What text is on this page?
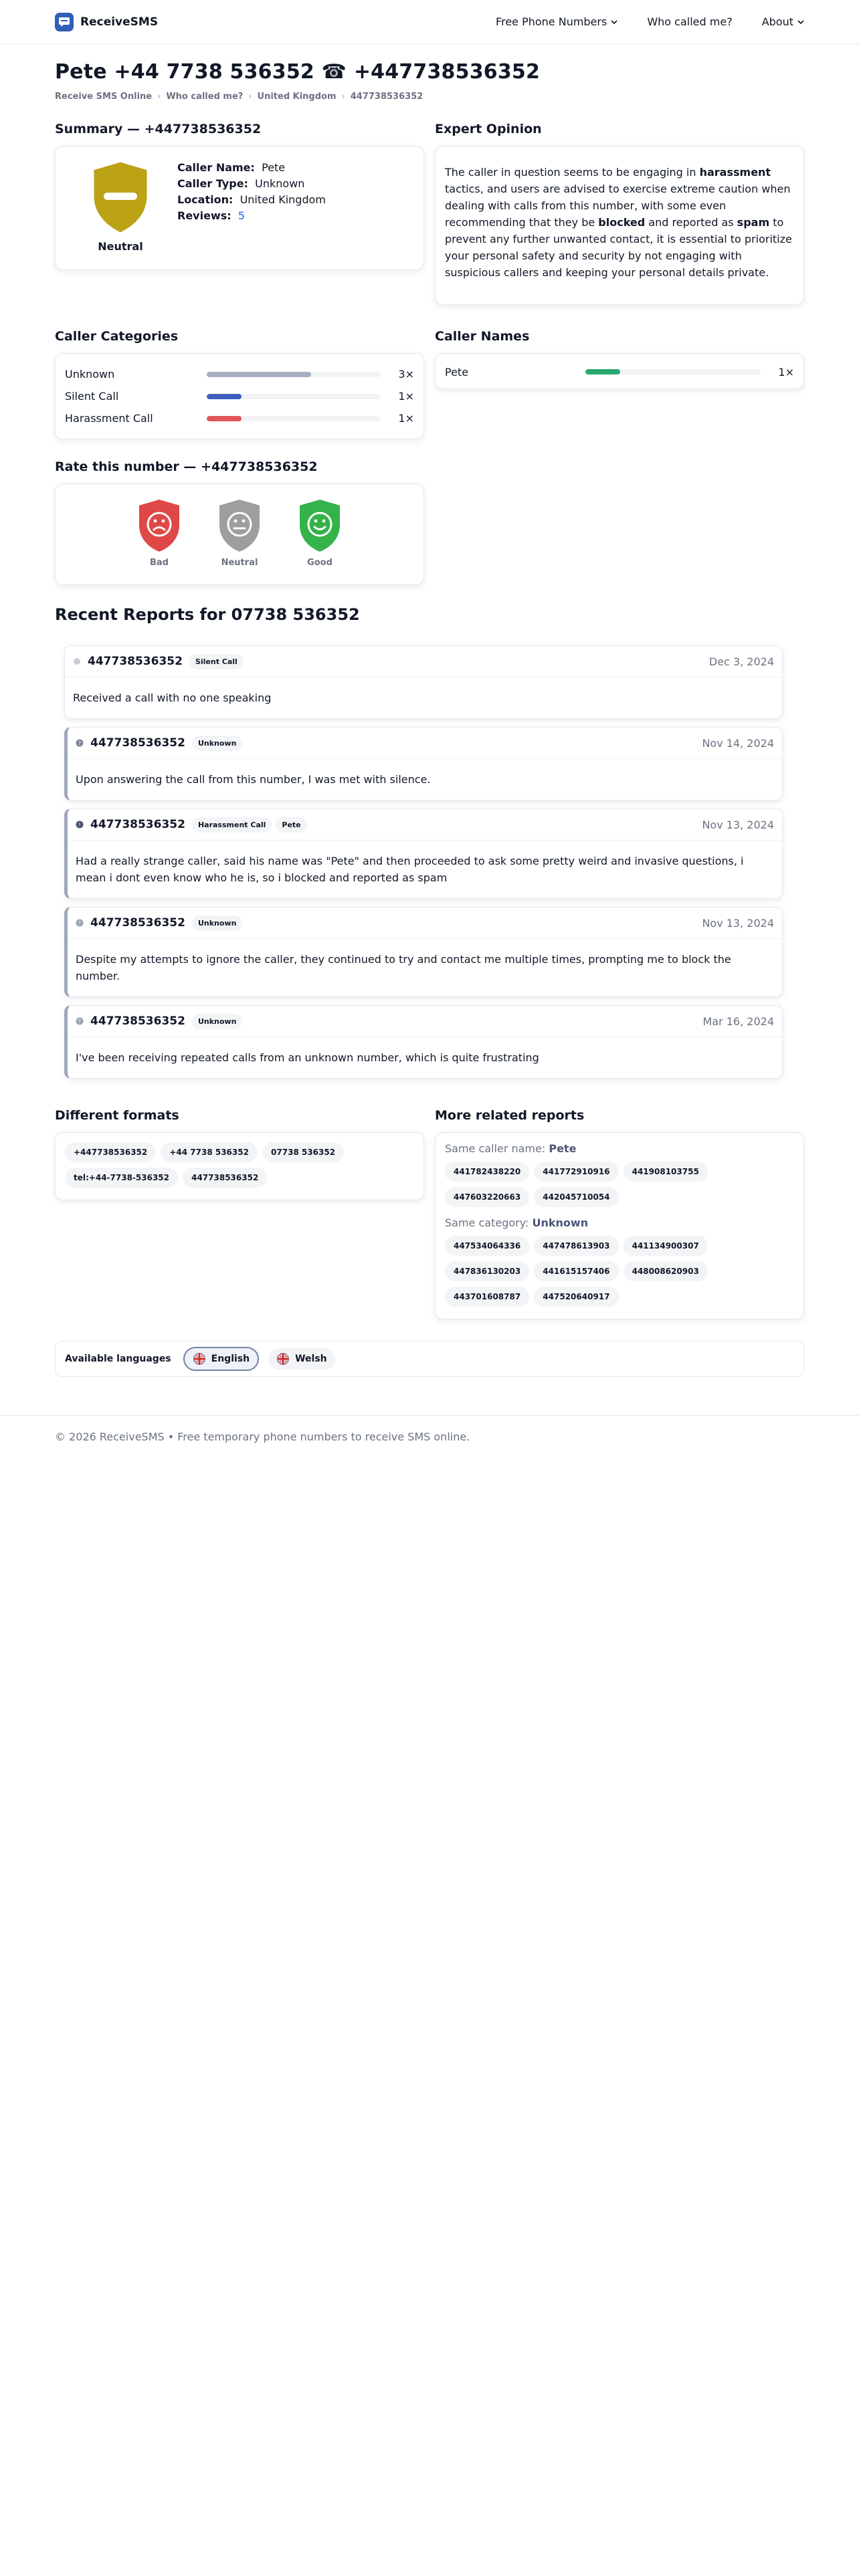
ReceiveSMS	Free Phone Numbers	Who called me?	About
Pete +44 7738 536352 ☎ +447738536352
Receive SMS Online › Who called me? › United Kingdom › 447738536352
Summary — +447738536352
Neutral
Caller Name: Pete
Caller Type: Unknown
Location: United Kingdom
Reviews: 5
Expert Opinion

The caller in question seems to be engaging in harassment tactics, and users are advised to exercise extreme caution when dealing with calls from this number, with some even recommending that they be blocked and reported as spam to prevent any further unwanted contact, it is essential to prioritize your personal safety and security by not engaging with suspicious callers and keeping your personal details private.

Caller Categories
Unknown	3×
Silent Call	1×
Harassment Call	1×
Caller Names
Pete	1×
Rate this number — +447738536352
Bad	Neutral	Good
Recent Reports for 07738 536352
447738536352	Silent Call	Dec 3, 2024
Received a call with no one speaking
? 447738536352	Unknown	Nov 14, 2024
Upon answering the call from this number, I was met with silence.
! 447738536352	Harassment Call	Pete	Nov 13, 2024
Had a really strange caller, said his name was "Pete" and then proceeded to ask some pretty weird and invasive questions, i mean i dont even know who he is, so i blocked and reported as spam
? 447738536352	Unknown	Nov 13, 2024
Despite my attempts to ignore the caller, they continued to try and contact me multiple times, prompting me to block the number.
? 447738536352	Unknown	Mar 16, 2024
I've been receiving repeated calls from an unknown number, which is quite frustrating
Different formats
+447738536352	+44 7738 536352	07738 536352 tel:+44-7738-536352	447738536352
More related reports
Same caller name: Pete
441782438220	441772910916	441908103755 447603220663	442045710054
Same category: Unknown
447534064336	447478613903	441134900307 447836130203	441615157406	448008620903 443701608787	447520640917
Available languages	English	Welsh
© 2026 ReceiveSMS • Free temporary phone numbers to receive SMS online.
